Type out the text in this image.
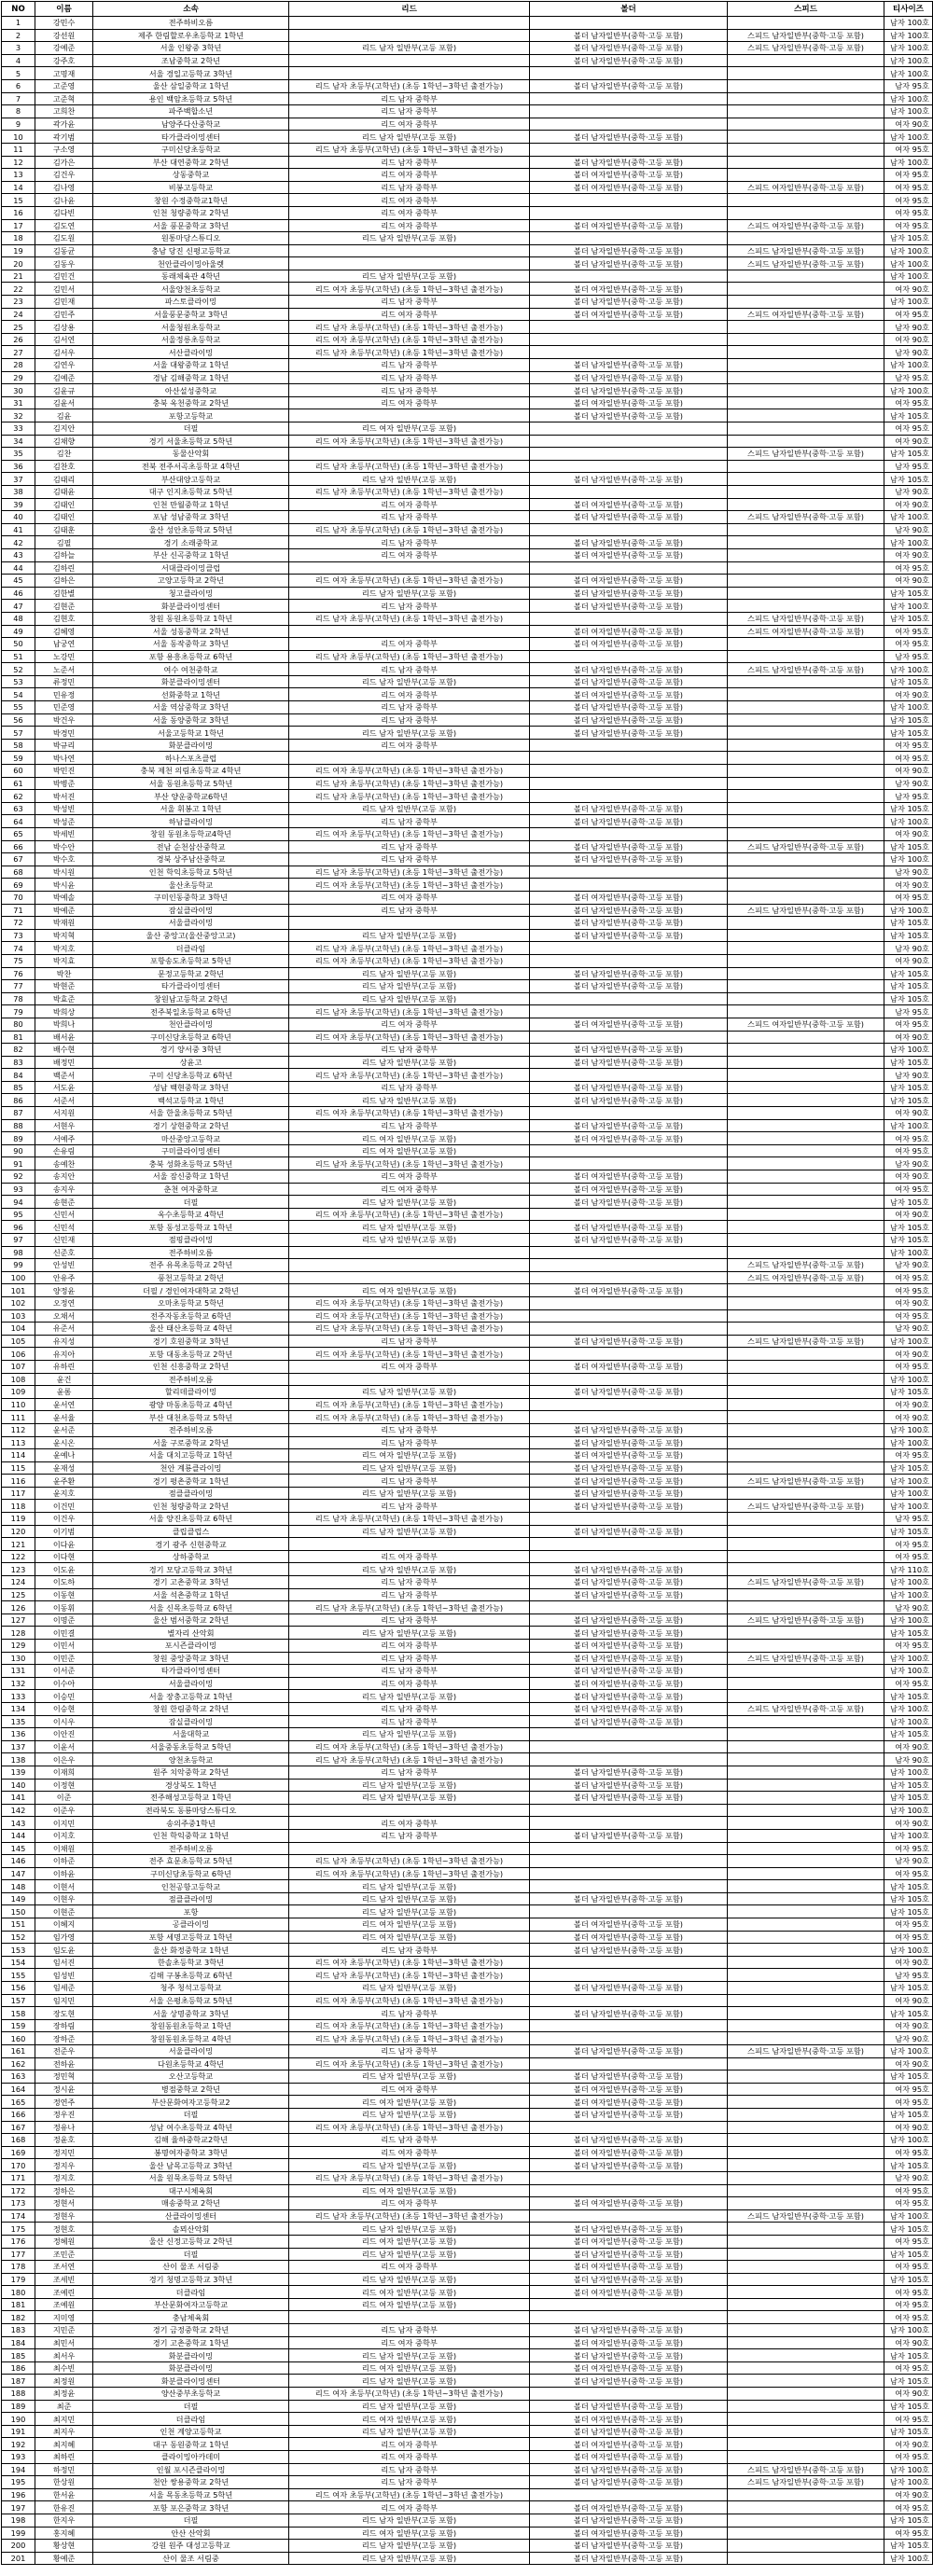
NO	이름	소속	리드	볼더	스피드	티사이즈
1	강민수	전주하비오름				남자 100호
2	강선원	제주 한림할로우초등학교 1학년		볼더 남자일반부(중학·고등 포함)	스피드 남자일반부(중학·고등 포함)	남자 100호
3	강예준	서울 인왕중 3학년	리드 남자 일반부(고등 포함)	볼더 남자일반부(중학·고등 포함)	스피드 남자일반부(중학·고등 포함)	남자 100호
4	강주호	조남중학교 2학년		볼더 남자일반부(중학·고등 포함)		남자 100호
5	고명재	서울 경일고등학교 3학년				남자 100호
6	고준영	울산 삼일중학교 1학년	리드 남자 초등부(고학년) (초등 1학년~3학년 출전가능)	볼더 남자일반부(중학·고등 포함)		남자 95호
7	고준혁	용인 백암초등학교 5학년	리드 남자 중학부			남자 100호
8	고희찬	파주백합소년	리드 남자 중학부			남자 100호
9	곽가윤	남양주다산중학교	리드 여자 중학부			여자 90호
10	곽기범	타가클라이밍센터	리드 남자 일반부(고등 포함)	볼더 남자일반부(중학·고등 포함)		남자 100호
11	구소영	구미신당초등학교	리드 남자 초등부(고학년) (초등 1학년~3학년 출전가능)			여자 95호
12	김가은	부산 대연중학교 2학년	리드 남자 중학부	볼더 남자일반부(중학·고등 포함)		남자 100호
13	김건우	상동중학교	리드 여자 중학부	볼더 여자일반부(중학·고등 포함)		여자 95호
14	김나영	비봉고등학교	리드 남자 중학부	볼더 여자일반부(중학·고등 포함)	스피드 여자일반부(중학·고등 포함)	여자 95호
15	김나윤	창원 수정중학교1학년	리드 여자 중학부			여자 95호
16	김다빈	인천 청량중학교 2학년	리드 여자 중학부			여자 95호
17	김도연	서울 풍문중학교 3학년	리드 여자 중학부	볼더 여자일반부(중학·고등 포함)	스피드 여자일반부(중학·고등 포함)	여자 95호
18	김도원	원통마당스튜디오	리드 남자 일반부(고등 포함)			남자 105호
19	김동균	충남 당진 신평고등학교		볼더 남자일반부(중학·고등 포함)	스피드 남자일반부(중학·고등 포함)	남자 100호
20	김동우	천안클라이밍아울렛		볼더 남자일반부(중학·고등 포함)	스피드 남자일반부(중학·고등 포함)	남자 100호
21	김민건	동래체육관 4학년	리드 남자 일반부(고등 포함)			남자 100호
22	김민서	서울양천초등학교	리드 여자 초등부(고학년) (초등 1학년~3학년 출전가능)	볼더 여자일반부(중학·고등 포함)		여자 90호
23	김민재	파스토클라이밍	리드 남자 중학부	볼더 남자일반부(중학·고등 포함)		남자 100호
24	김민주	서울풍문중학교 3학년	리드 여자 중학부	볼더 여자일반부(중학·고등 포함)	스피드 여자일반부(중학·고등 포함)	여자 95호
25	김상용	서울청원초등학교	리드 남자 초등부(고학년) (초등 1학년~3학년 출전가능)			남자 90호
26	김서연	서울정릉초등학교	리드 여자 초등부(고학년) (초등 1학년~3학년 출전가능)			여자 90호
27	김서우	서산클라이밍	리드 남자 초등부(고학년) (초등 1학년~3학년 출전가능)			남자 90호
28	김연우	서울 대왕중학교 1학년	리드 남자 중학부	볼더 남자일반부(중학·고등 포함)		남자 100호
29	김예준	경남 김해중학교 1학년	리드 남자 중학부	볼더 남자일반부(중학·고등 포함)		남자 95호
30	김윤규	아산설성중학교	리드 남자 중학부	볼더 남자일반부(중학·고등 포함)		남자 100호
31	김윤서	충북 옥천중학교 2학년	리드 여자 중학부	볼더 여자일반부(중학·고등 포함)		여자 95호
32	김윤	포항고등학교		볼더 남자일반부(중학·고등 포함)		남자 105호
33	김지안	더필	리드 여자 일반부(고등 포함)			여자 95호
34	김채향	경기 서울초등학교 5학년	리드 여자 초등부(고학년) (초등 1학년~3학년 출전가능)			여자 90호
35	김찬	동물산악회			스피드 남자일반부(중학·고등 포함)	남자 105호
36	김찬호	전북 전주서곡초등학교 4학년	리드 남자 초등부(고학년) (초등 1학년~3학년 출전가능)			남자 95호
37	김태리	부산대양고등학교	리드 남자 일반부(고등 포함)	볼더 남자일반부(중학·고등 포함)		남자 105호
38	김태윤	대구 인지초등학교 5학년	리드 남자 초등부(고학년) (초등 1학년~3학년 출전가능)			남자 90호
39	김태인	인천 만월중학교 1학년	리드 여자 중학부	볼더 여자일반부(중학·고등 포함)		여자 90호
40	김태인	포남 성남중학교 3학년	리드 남자 중학부	볼더 남자일반부(중학·고등 포함)	스피드 남자일반부(중학·고등 포함)	남자 100호
41	김태훈	울산 성안초등학교 5학년	리드 남자 초등부(고학년) (초등 1학년~3학년 출전가능)			남자 90호
42	김필	경기 소래중학교	리드 남자 중학부	볼더 남자일반부(중학·고등 포함)		남자 100호
43	김하늘	부산 신곡중학교 1학년	리드 여자 중학부	볼더 여자일반부(중학·고등 포함)		여자 90호
44	김하린	서대클라이밍클럽				여자 95호
45	김하은	고양고등학교 2학년	리드 여자 초등부(고학년) (초등 1학년~3학년 출전가능)	볼더 여자일반부(중학·고등 포함)		여자 90호
46	김한별	청고클라이밍	리드 남자 일반부(고등 포함)	볼더 남자일반부(중학·고등 포함)		남자 105호
47	김현준	화분클라이밍센터	리드 남자 중학부	볼더 남자일반부(중학·고등 포함)		남자 100호
48	김현호	창원 동원초등학교 1학년	리드 남자 초등부(고학년) (초등 1학년~3학년 출전가능)		스피드 남자일반부(중학·고등 포함)	남자 105호
49	김혜영	서울 성동중학교 2학년		볼더 여자일반부(중학·고등 포함)	스피드 여자일반부(중학·고등 포함)	여자 95호
50	남궁연	서울 동작중학교 3학년	리드 여자 중학부	볼더 여자일반부(중학·고등 포함)		여자 95호
51	노강민	포항 용흥초등학교 6학년	리드 남자 초등부(고학년) (초등 1학년~3학년 출전가능)			남자 95호
52	노준서	여수 여천중학교	리드 남자 중학부	볼더 남자일반부(중학·고등 포함)	스피드 남자일반부(중학·고등 포함)	남자 100호
53	류정민	화분클라이밍센터	리드 남자 일반부(고등 포함)	볼더 남자일반부(중학·고등 포함)		남자 105호
54	민유정	선화중학교 1학년	리드 여자 중학부	볼더 여자일반부(중학·고등 포함)		여자 90호
55	민준영	서울 역삼중학교 3학년	리드 남자 중학부	볼더 남자일반부(중학·고등 포함)		남자 100호
56	박건우	서울 동양중학교 3학년	리드 남자 중학부	볼더 남자일반부(중학·고등 포함)		남자 105호
57	박경민	서울고등학교 1학년	리드 남자 일반부(고등 포함)	볼더 남자일반부(중학·고등 포함)		남자 105호
58	박규리	화분클라이밍	리드 여자 중학부			여자 95호
59	박나연	하나스포츠클럽				여자 95호
60	박민진	충북 제천 의림초등학교 4학년	리드 여자 초등부(고학년) (초등 1학년~3학년 출전가능)			여자 90호
61	박병준	서울 동원초등학교 5학년	리드 남자 초등부(고학년) (초등 1학년~3학년 출전가능)			남자 90호
62	박서진	부산 양운중학교6학년	리드 남자 초등부(고학년) (초등 1학년~3학년 출전가능)			남자 95호
63	박성빈	서울 휘봉고 1학년	리드 남자 일반부(고등 포함)	볼더 남자일반부(중학·고등 포함)		남자 105호
64	박성준	하남클라이밍	리드 남자 중학부	볼더 남자일반부(중학·고등 포함)		남자 100호
65	박세빈	창원 동원초등학교4학년	리드 여자 초등부(고학년) (초등 1학년~3학년 출전가능)			여자 90호
66	박수안	전남 순천삼산중학교	리드 남자 중학부	볼더 남자일반부(중학·고등 포함)	스피드 남자일반부(중학·고등 포함)	남자 105호
67	박수호	경북 상주남산중학교	리드 남자 중학부	볼더 남자일반부(중학·고등 포함)		남자 100호
68	박시원	인천 학익초등학교 5학년	리드 남자 초등부(고학년) (초등 1학년~3학년 출전가능)			남자 90호
69	박시윤	울산초등학교	리드 여자 초등부(고학년) (초등 1학년~3학년 출전가능)			여자 90호
70	박예솔	구미인동중학교 3학년	리드 여자 중학부	볼더 여자일반부(중학·고등 포함)		여자 95호
71	박예준	잠실클라이밍	리드 남자 중학부	볼더 남자일반부(중학·고등 포함)	스피드 남자일반부(중학·고등 포함)	남자 100호
72	박재원	서울클라이밍		볼더 남자일반부(중학·고등 포함)		남자 105호
73	박지혁	울산 중앙고(울산중앙고교)	리드 남자 일반부(고등 포함)	볼더 남자일반부(중학·고등 포함)		남자 105호
74	박지호	더클라임	리드 남자 초등부(고학년) (초등 1학년~3학년 출전가능)			남자 90호
75	박지효	포항송도초등학교 5학년	리드 여자 초등부(고학년) (초등 1학년~3학년 출전가능)			여자 90호
76	박찬	문정고등학교 2학년	리드 남자 일반부(고등 포함)	볼더 남자일반부(중학·고등 포함)		남자 105호
77	박현준	타가클라이밍센터	리드 남자 일반부(고등 포함)	볼더 남자일반부(중학·고등 포함)		남자 105호
78	박효준	창원남고등학교 2학년	리드 남자 일반부(고등 포함)			남자 105호
79	박희상	전주북일초등학교 6학년	리드 남자 초등부(고학년) (초등 1학년~3학년 출전가능)			남자 95호
80	박희나	천안클라이밍	리드 여자 중학부	볼더 여자일반부(중학·고등 포함)	스피드 여자일반부(중학·고등 포함)	여자 95호
81	배서윤	구미신당초등학교 6학년	리드 여자 초등부(고학년) (초등 1학년~3학년 출전가능)			여자 90호
82	배수현	경기 양서중 3학년	리드 남자 중학부	볼더 남자일반부(중학·고등 포함)		남자 100호
83	배정민	상윤고	리드 남자 일반부(고등 포함)	볼더 남자일반부(중학·고등 포함)		남자 105호
84	백준서	구미 신당초등학교 6학년	리드 남자 초등부(고학년) (초등 1학년~3학년 출전가능)			남자 90호
85	서도윤	성남 백현중학교 3학년	리드 남자 중학부	볼더 남자일반부(중학·고등 포함)		남자 105호
86	서준서	백석고등학교 1학년	리드 남자 일반부(고등 포함)	볼더 남자일반부(중학·고등 포함)		남자 105호
87	서지원	서울 한울초등학교 5학년	리드 여자 초등부(고학년) (초등 1학년~3학년 출전가능)			여자 90호
88	서현우	경기 상현중학교 2학년	리드 남자 중학부	볼더 남자일반부(중학·고등 포함)		남자 100호
89	서예주	마산중앙고등학교	리드 여자 일반부(고등 포함)	볼더 여자일반부(중학·고등 포함)		여자 95호
90	손유림	구미클라이밍센터	리드 여자 일반부(고등 포함)			여자 95호
91	송예찬	충북 성화초등학교 5학년	리드 남자 초등부(고학년) (초등 1학년~3학년 출전가능)			남자 90호
92	송지안	서울 잠신중학교 1학년	리드 여자 중학부	볼더 여자일반부(중학·고등 포함)		여자 90호
93	송지우	춘천 여자중학교	리드 여자 중학부	볼더 여자일반부(중학·고등 포함)		여자 95호
94	송현준	더필	리드 남자 일반부(고등 포함)	볼더 남자일반부(중학·고등 포함)		남자 105호
95	신민서	옥수초등학교 4학년	리드 여자 초등부(고학년) (초등 1학년~3학년 출전가능)			여자 90호
96	신민석	포항 동성고등학교 1학년	리드 남자 일반부(고등 포함)	볼더 남자일반부(중학·고등 포함)		남자 105호
97	신민재	점핑클라이밍	리드 남자 일반부(고등 포함)	볼더 남자일반부(중학·고등 포함)		남자 105호
98	신준호	전주하비오름				남자 100호
99	안성빈	전주 유목초등학교 2학년			스피드 남자일반부(중학·고등 포함)	남자 90호
100	안유주	풍천고등학교 2학년			스피드 여자일반부(중학·고등 포함)	여자 95호
101	양정윤	더필 / 경인여자대학교 2학년	리드 여자 일반부(고등 포함)	볼더 여자일반부(중학·고등 포함)		여자 95호
102	오정연	오마초등학교 5학년	리드 여자 초등부(고학년) (초등 1학년~3학년 출전가능)			여자 90호
103	오채서	전주자동초등학교 6학년	리드 여자 초등부(고학년) (초등 1학년~3학년 출전가능)			여자 95호
104	유준서	울산 태산초등학교 4학년	리드 남자 초등부(고학년) (초등 1학년~3학년 출전가능)			남자 90호
105	유지성	경기 호원중학교 3학년	리드 남자 중학부	볼더 남자일반부(중학·고등 포함)	스피드 남자일반부(중학·고등 포함)	남자 100호
106	유지아	포항 대동초등학교 2학년	리드 여자 초등부(고학년) (초등 1학년~3학년 출전가능)			여자 90호
107	유하린	인천 신흥중학교 2학년	리드 여자 중학부	볼더 여자일반부(중학·고등 포함)		여자 95호
108	윤건	전주하비오름				남자 100호
109	윤롬	할리데클라이밍	리드 남자 일반부(고등 포함)	볼더 남자일반부(중학·고등 포함)		남자 105호
110	윤서연	광양 마동초등학교 4학년	리드 여자 초등부(고학년) (초등 1학년~3학년 출전가능)			여자 90호
111	윤서율	부산 대천초등학교 5학년	리드 여자 초등부(고학년) (초등 1학년~3학년 출전가능)			여자 90호
112	윤서준	전주하비오름	리드 남자 중학부	볼더 남자일반부(중학·고등 포함)		남자 100호
113	윤시온	서울 구로중학교 2학년	리드 남자 중학부	볼더 남자일반부(중학·고등 포함)		남자 100호
114	윤예나	서울 대치고등학교 1학년	리드 여자 일반부(고등 포함)	볼더 여자일반부(중학·고등 포함)		여자 95호
115	윤재성	천안 계룡클라이밍	리드 남자 일반부(고등 포함)	볼더 남자일반부(중학·고등 포함)		남자 105호
116	윤주환	경기 평촌중학교 1학년	리드 남자 중학부	볼더 남자일반부(중학·고등 포함)	스피드 남자일반부(중학·고등 포함)	남자 100호
117	윤지호	점클클라이밍	리드 남자 일반부(고등 포함)	볼더 남자일반부(중학·고등 포함)		남자 100호
118	이건민	인천 청량중학교 2학년	리드 남자 중학부	볼더 남자일반부(중학·고등 포함)	스피드 남자일반부(중학·고등 포함)	남자 100호
119	이건우	서울 양진초등학교 6학년	리드 남자 초등부(고학년) (초등 1학년~3학년 출전가능)			남자 95호
120	이기범	클립클럽스	리드 남자 일반부(고등 포함)	볼더 남자일반부(중학·고등 포함)		남자 105호
121	이다윤	경기 광주 신현중학교				여자 95호
122	이다현	상하중학교	리드 여자 중학부			여자 95호
123	이도윤	경기 모당고등학교 3학년	리드 남자 일반부(고등 포함)	볼더 남자일반부(중학·고등 포함)		남자 110호
124	이도하	경기 고촌중학교 3학년	리드 남자 중학부	볼더 남자일반부(중학·고등 포함)	스피드 남자일반부(중학·고등 포함)	남자 100호
125	이동현	서울 석촌중학교 1학년	리드 남자 중학부	볼더 남자일반부(중학·고등 포함)		남자 100호
126	이동휘	서울 신목초등학교 6학년	리드 남자 초등부(고학년) (초등 1학년~3학년 출전가능)			남자 90호
127	이명준	울산 범서중학교 2학년	리드 남자 중학부	볼더 남자일반부(중학·고등 포함)	스피드 남자일반부(중학·고등 포함)	남자 100호
128	이민결	별자리 산악회	리드 남자 일반부(고등 포함)	볼더 남자일반부(중학·고등 포함)		남자 105호
129	이민서	포시즌클라이밍	리드 여자 중학부	볼더 여자일반부(중학·고등 포함)		여자 95호
130	이민준	창원 중앙중학교 3학년	리드 남자 중학부	볼더 남자일반부(중학·고등 포함)	스피드 남자일반부(중학·고등 포함)	남자 100호
131	이서준	타가클라이밍센터	리드 남자 중학부	볼더 남자일반부(중학·고등 포함)		남자 100호
132	이수아	서울클라이밍	리드 여자 중학부	볼더 여자일반부(중학·고등 포함)		여자 95호
133	이승민	서울 장충고등학교 1학년	리드 남자 일반부(고등 포함)	볼더 남자일반부(중학·고등 포함)		남자 105호
134	이승현	창원 한림중학교 2학년	리드 남자 중학부	볼더 남자일반부(중학·고등 포함)	스피드 남자일반부(중학·고등 포함)	남자 100호
135	이시우	잠실클라이밍	리드 남자 중학부	볼더 남자일반부(중학·고등 포함)		남자 100호
136	이안진	서울대학교	리드 남자 일반부(고등 포함)			남자 105호
137	이윤서	서울중동초등학교 5학년	리드 여자 초등부(고학년) (초등 1학년~3학년 출전가능)			여자 90호
138	이은우	양천초등학교	리드 남자 초등부(고학년) (초등 1학년~3학년 출전가능)			남자 90호
139	이재희	원주 치악중학교 2학년	리드 남자 중학부	볼더 남자일반부(중학·고등 포함)		남자 100호
140	이정현	경상북도 1학년	리드 남자 일반부(고등 포함)	볼더 남자일반부(중학·고등 포함)		남자 105호
141	이준	전주해성고등학교 1학년	리드 남자 일반부(고등 포함)	볼더 남자일반부(중학·고등 포함)		남자 105호
142	이준우	전라북도 동룡마당스튜디오				남자 100호
143	이지민	송의주중1학년	리드 여자 중학부			여자 90호
144	이지호	인천 학익중학교 1학년	리드 남자 중학부	볼더 남자일반부(중학·고등 포함)		남자 100호
145	이채원	전주하비오름				여자 95호
146	이하준	전주 효문초등학교 5학년	리드 남자 초등부(고학년) (초등 1학년~3학년 출전가능)			남자 90호
147	이하윤	구미신당초등학교 6학년	리드 여자 초등부(고학년) (초등 1학년~3학년 출전가능)			여자 95호
148	이현서	인천공항고등학교	리드 남자 일반부(고등 포함)			남자 105호
149	이현우	점클클라이밍	리드 남자 일반부(고등 포함)	볼더 남자일반부(중학·고등 포함)		남자 105호
150	이현준	포항	리드 남자 일반부(고등 포함)			남자 105호
151	이혜지	공클라이밍	리드 여자 일반부(고등 포함)	볼더 여자일반부(중학·고등 포함)		여자 95호
152	임가영	포항 세명고등학교 1학년	리드 여자 일반부(고등 포함)	볼더 여자일반부(중학·고등 포함)		여자 95호
153	임도윤	울산 화정중학교 1학년	리드 남자 중학부	볼더 남자일반부(중학·고등 포함)		남자 100호
154	임서진	한솔초등학교 3학년	리드 여자 초등부(고학년) (초등 1학년~3학년 출전가능)			여자 90호
155	임성빈	김해 구봉초등학교 6학년	리드 남자 초등부(고학년) (초등 1학년~3학년 출전가능)			남자 95호
156	임세준	청주 청석고등학교	리드 남자 일반부(고등 포함)	볼더 남자일반부(중학·고등 포함)		남자 105호
157	임지민	서울 은평초등학교 5학년	리드 여자 초등부(고학년) (초등 1학년~3학년 출전가능)			여자 90호
158	장도현	서울 상명중학교 3학년	리드 남자 중학부	볼더 남자일반부(중학·고등 포함)		남자 105호
159	장하림	창원동원초등학교 1학년	리드 여자 초등부(고학년) (초등 1학년~3학년 출전가능)			여자 90호
160	장하준	창원동원초등학교 4학년	리드 남자 초등부(고학년) (초등 1학년~3학년 출전가능)			남자 90호
161	전준우	서울클라이밍	리드 남자 중학부	볼더 남자일반부(중학·고등 포함)	스피드 남자일반부(중학·고등 포함)	남자 100호
162	전하윤	다원초등학교 4학년	리드 여자 초등부(고학년) (초등 1학년~3학년 출전가능)			여자 90호
163	정민혁	오산고등학교	리드 남자 일반부(고등 포함)	볼더 남자일반부(중학·고등 포함)		남자 105호
164	정시윤	병점중학교 2학년	리드 여자 중학부	볼더 여자일반부(중학·고등 포함)		여자 95호
165	정연주	부산문화여자고등학교2	리드 여자 일반부(고등 포함)	볼더 여자일반부(중학·고등 포함)		여자 95호
166	정우진	더필	리드 남자 일반부(고등 포함)	볼더 남자일반부(중학·고등 포함)		남자 105호
167	정유나	성남 여수초등학교 4학년	리드 여자 초등부(고학년) (초등 1학년~3학년 출전가능)			여자 90호
168	정윤호	김해 율하중학교2학년	리드 남자 중학부	볼더 남자일반부(중학·고등 포함)		남자 100호
169	정지민	봉명여자중학교 3학년	리드 여자 중학부	볼더 여자일반부(중학·고등 포함)		여자 95호
170	정지우	울산 남목고등학교 3학년	리드 남자 일반부(고등 포함)	볼더 남자일반부(중학·고등 포함)		남자 105호
171	정지호	서울 원묵초등학교 5학년	리드 남자 초등부(고학년) (초등 1학년~3학년 출전가능)			남자 90호
172	정하은	대구시체육회	리드 여자 일반부(고등 포함)			여자 95호
173	정현서	매송중학교 2학년	리드 여자 중학부	볼더 여자일반부(중학·고등 포함)		여자 95호
174	정현우	산클라이밍센터	리드 남자 초등부(고학년) (초등 1학년~3학년 출전가능)		스피드 남자일반부(중학·고등 포함)	남자 100호
175	정현호	솔뫼산악회	리드 남자 일반부(고등 포함)	볼더 남자일반부(중학·고등 포함)		남자 105호
176	정혜원	울산 신정고등학교 2학년	리드 여자 일반부(고등 포함)	볼더 여자일반부(중학·고등 포함)		여자 95호
177	조민준	더필	리드 남자 일반부(고등 포함)	볼더 남자일반부(중학·고등 포함)		남자 105호
178	조서연	산이 물조 서림중	리드 여자 중학부	볼더 여자일반부(중학·고등 포함)		여자 95호
179	조세빈	경기 청명고등학교 3학년	리드 남자 일반부(고등 포함)	볼더 남자일반부(중학·고등 포함)		남자 105호
180	조예린	더클라임	리드 여자 일반부(고등 포함)	볼더 여자일반부(중학·고등 포함)		여자 95호
181	조예원	부산문화여자고등학교	리드 여자 일반부(고등 포함)			여자 95호
182	지미영	충남체육회				여자 95호
183	지민준	경기 금정중학교 2학년	리드 남자 중학부	볼더 남자일반부(중학·고등 포함)		남자 100호
184	최민서	경기 고촌중학교 1학년	리드 여자 중학부	볼더 여자일반부(중학·고등 포함)		여자 90호
185	최서우	화분클라이밍	리드 남자 일반부(고등 포함)	볼더 남자일반부(중학·고등 포함)		남자 105호
186	최수빈	화분클라이밍	리드 여자 일반부(고등 포함)	볼더 여자일반부(중학·고등 포함)		여자 95호
187	최정원	화분클라이밍센터	리드 남자 일반부(고등 포함)	볼더 남자일반부(중학·고등 포함)		남자 105호
188	최정윤	양산중부초등학교	리드 여자 초등부(고학년) (초등 1학년~3학년 출전가능)			여자 90호
189	최준	더필	리드 남자 일반부(고등 포함)	볼더 남자일반부(중학·고등 포함)		남자 105호
190	최지민	더클라임	리드 여자 일반부(고등 포함)	볼더 여자일반부(중학·고등 포함)		여자 95호
191	최지우	인천 계양고등학교	리드 남자 일반부(고등 포함)	볼더 남자일반부(중학·고등 포함)		남자 105호
192	최지혜	대구 동원중학교 1학년	리드 여자 중학부	볼더 여자일반부(중학·고등 포함)		여자 90호
193	최하린	클라이밍아카데미	리드 여자 중학부	볼더 여자일반부(중학·고등 포함)		여자 95호
194	하정민	인월 포시즌클라이밍	리드 남자 중학부	볼더 남자일반부(중학·고등 포함)	스피드 남자일반부(중학·고등 포함)	남자 100호
195	한상원	천안 쌍용중학교 2학년	리드 남자 중학부	볼더 남자일반부(중학·고등 포함)	스피드 남자일반부(중학·고등 포함)	남자 100호
196	한서윤	서울 목동초등학교 5학년	리드 여자 초등부(고학년) (초등 1학년~3학년 출전가능)			여자 90호
197	한유진	포항 포은중학교 3학년	리드 여자 중학부	볼더 여자일반부(중학·고등 포함)		여자 95호
198	한지우	더필	리드 남자 일반부(고등 포함)	볼더 남자일반부(중학·고등 포함)		남자 105호
199	홍지혜	안산 산악회	리드 여자 일반부(고등 포함)	볼더 여자일반부(중학·고등 포함)		여자 95호
200	황상현	강원 원주 대성고등학교	리드 남자 일반부(고등 포함)	볼더 남자일반부(중학·고등 포함)		남자 105호
201	황예준	산이 물조 서림중	리드 남자 일반부(고등 포함)	볼더 남자일반부(중학·고등 포함)		남자 100호
